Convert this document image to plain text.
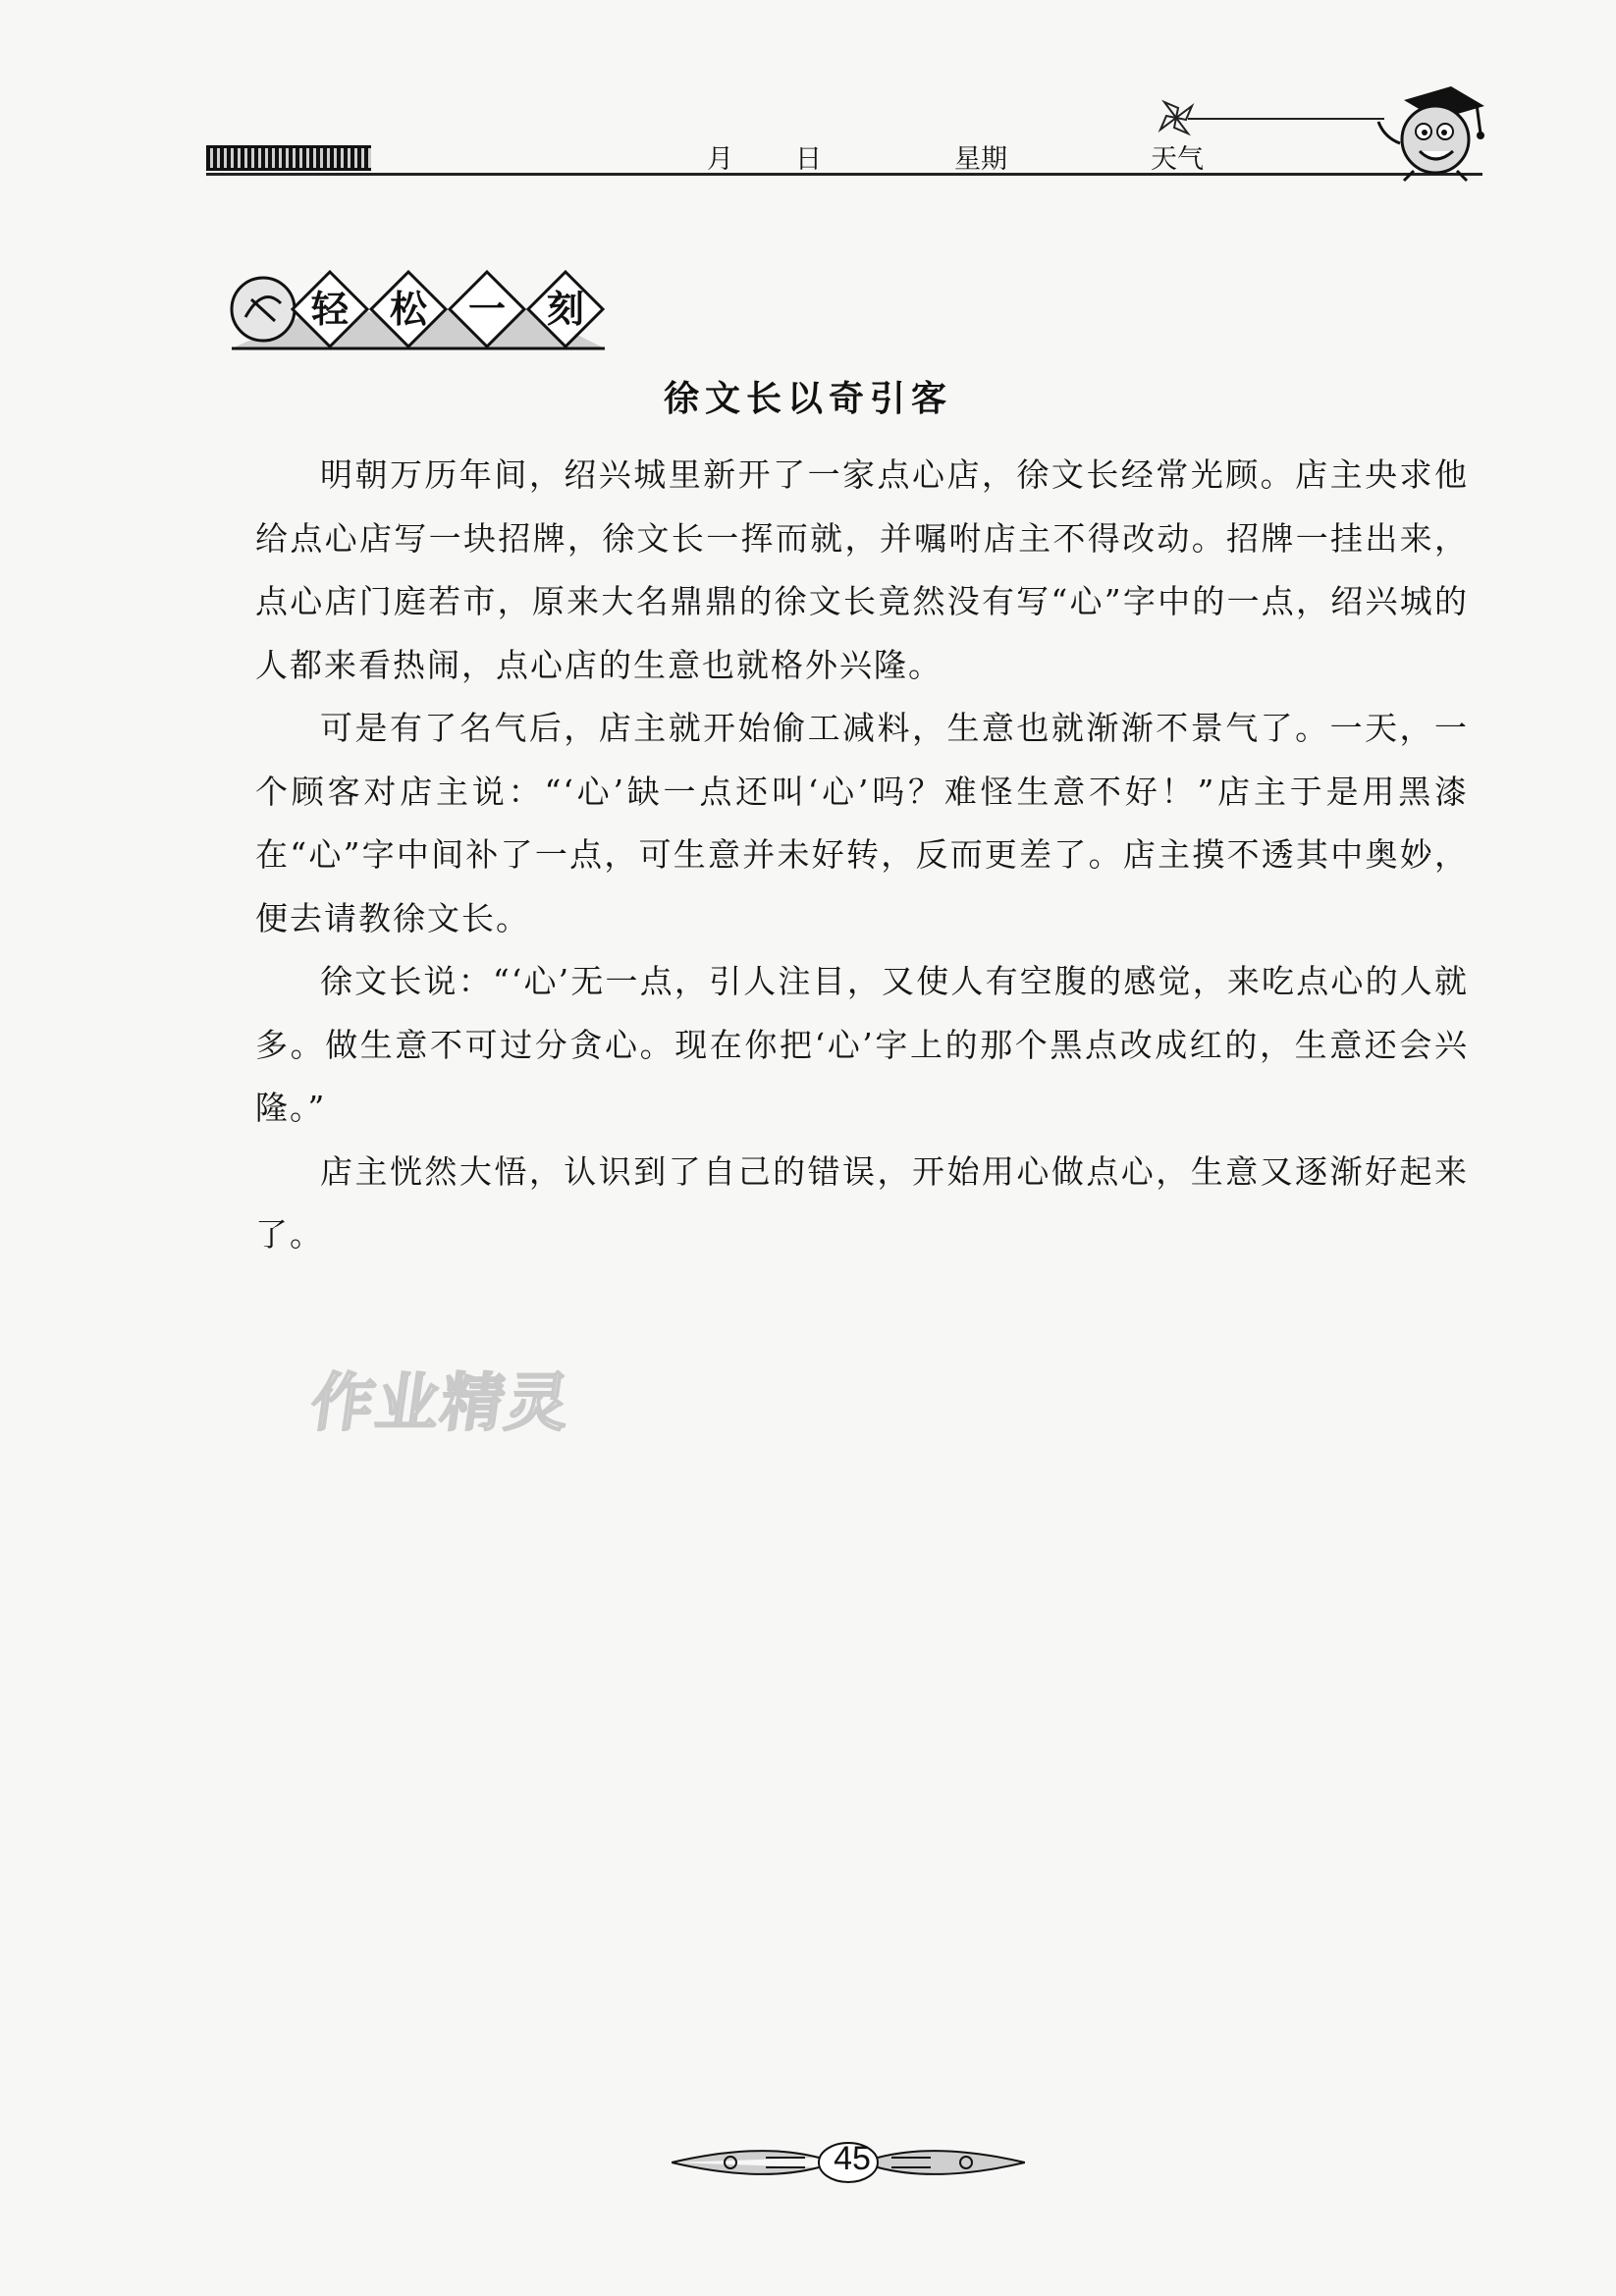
月 日	星期	天气
轻 松 一 刻
徐文长以奇引客

明朝万历年间，绍兴城里新开了一家点心店，徐文长经常光顾。店主央求他给点心店写一块招牌，徐文长一挥而就，并嘱咐店主不得改动。招牌一挂出来，点心店门庭若市，原来大名鼎鼎的徐文长竟然没有写“心”字中的一点，绍兴城的人都来看热闹，点心店的生意也就格外兴隆。

可是有了名气后，店主就开始偷工减料，生意也就渐渐不景气了。一天，一个顾客对店主说：“‘心’缺一点还叫‘心’吗？难怪生意不好！”店主于是用黑漆在“心”字中间补了一点，可生意并未好转，反而更差了。店主摸不透其中奥妙，便去请教徐文长。

徐文长说：“‘心’无一点，引人注目，又使人有空腹的感觉，来吃点心的人就多。做生意不可过分贪心。现在你把‘心’字上的那个黑点改成红的，生意还会兴隆。”

店主恍然大悟，认识到了自己的错误，开始用心做点心，生意又逐渐好起来了。

作业精灵
45
